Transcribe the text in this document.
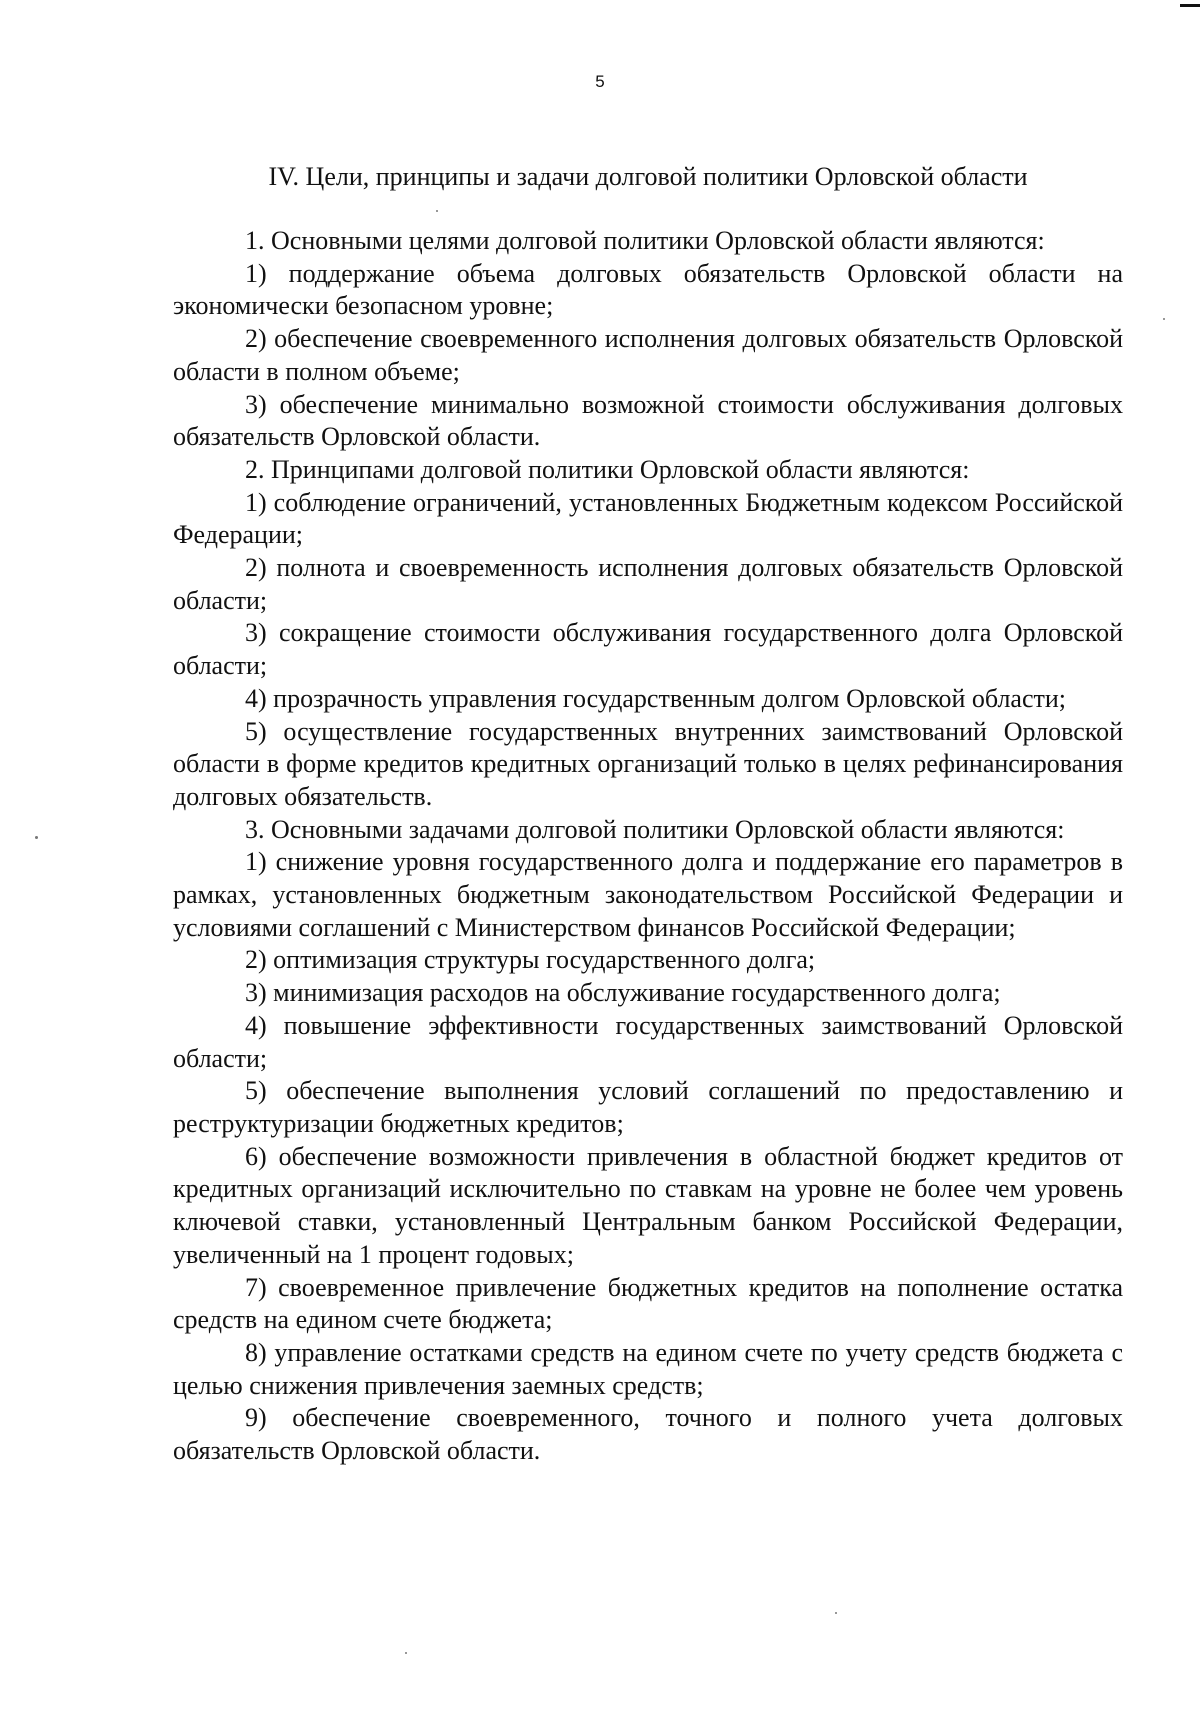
5
IV. Цели, принципы и задачи долговой политики Орловской области

1. Основными целями долговой политики Орловской области являются:

1) поддержание объема долговых обязательств Орловской области на экономически безопасном уровне;

2) обеспечение своевременного исполнения долговых обязательств Орловской области в полном объеме;

3) обеспечение минимально возможной стоимости обслуживания долговых обязательств Орловской области.

2. Принципами долговой политики Орловской области являются:

1) соблюдение ограничений, установленных Бюджетным кодексом Российской Федерации;

2) полнота и своевременность исполнения долговых обязательств Орловской области;

3) сокращение стоимости обслуживания государственного долга Орловской области;

4) прозрачность управления государственным долгом Орловской области;

5) осуществление государственных внутренних заимствований Орловской области в форме кредитов кредитных организаций только в целях рефинансирования долговых обязательств.

3. Основными задачами долговой политики Орловской области являются:

1) снижение уровня государственного долга и поддержание его параметров в рамках, установленных бюджетным законодательством Российской Федерации и условиями соглашений с Министерством финансов Российской Федерации;

2) оптимизация структуры государственного долга;

3) минимизация расходов на обслуживание государственного долга;

4) повышение эффективности государственных заимствований Орловской области;

5) обеспечение выполнения условий соглашений по предоставлению и реструктуризации бюджетных кредитов;

6) обеспечение возможности привлечения в областной бюджет кредитов от кредитных организаций исключительно по ставкам на уровне не более чем уровень ключевой ставки, установленный Центральным банком Российской Федерации, увеличенный на 1 процент годовых;

7) своевременное привлечение бюджетных кредитов на пополнение остатка средств на едином счете бюджета;

8) управление остатками средств на едином счете по учету средств бюджета с целью снижения привлечения заемных средств;

9) обеспечение своевременного, точного и полного учета долговых обязательств Орловской области.
